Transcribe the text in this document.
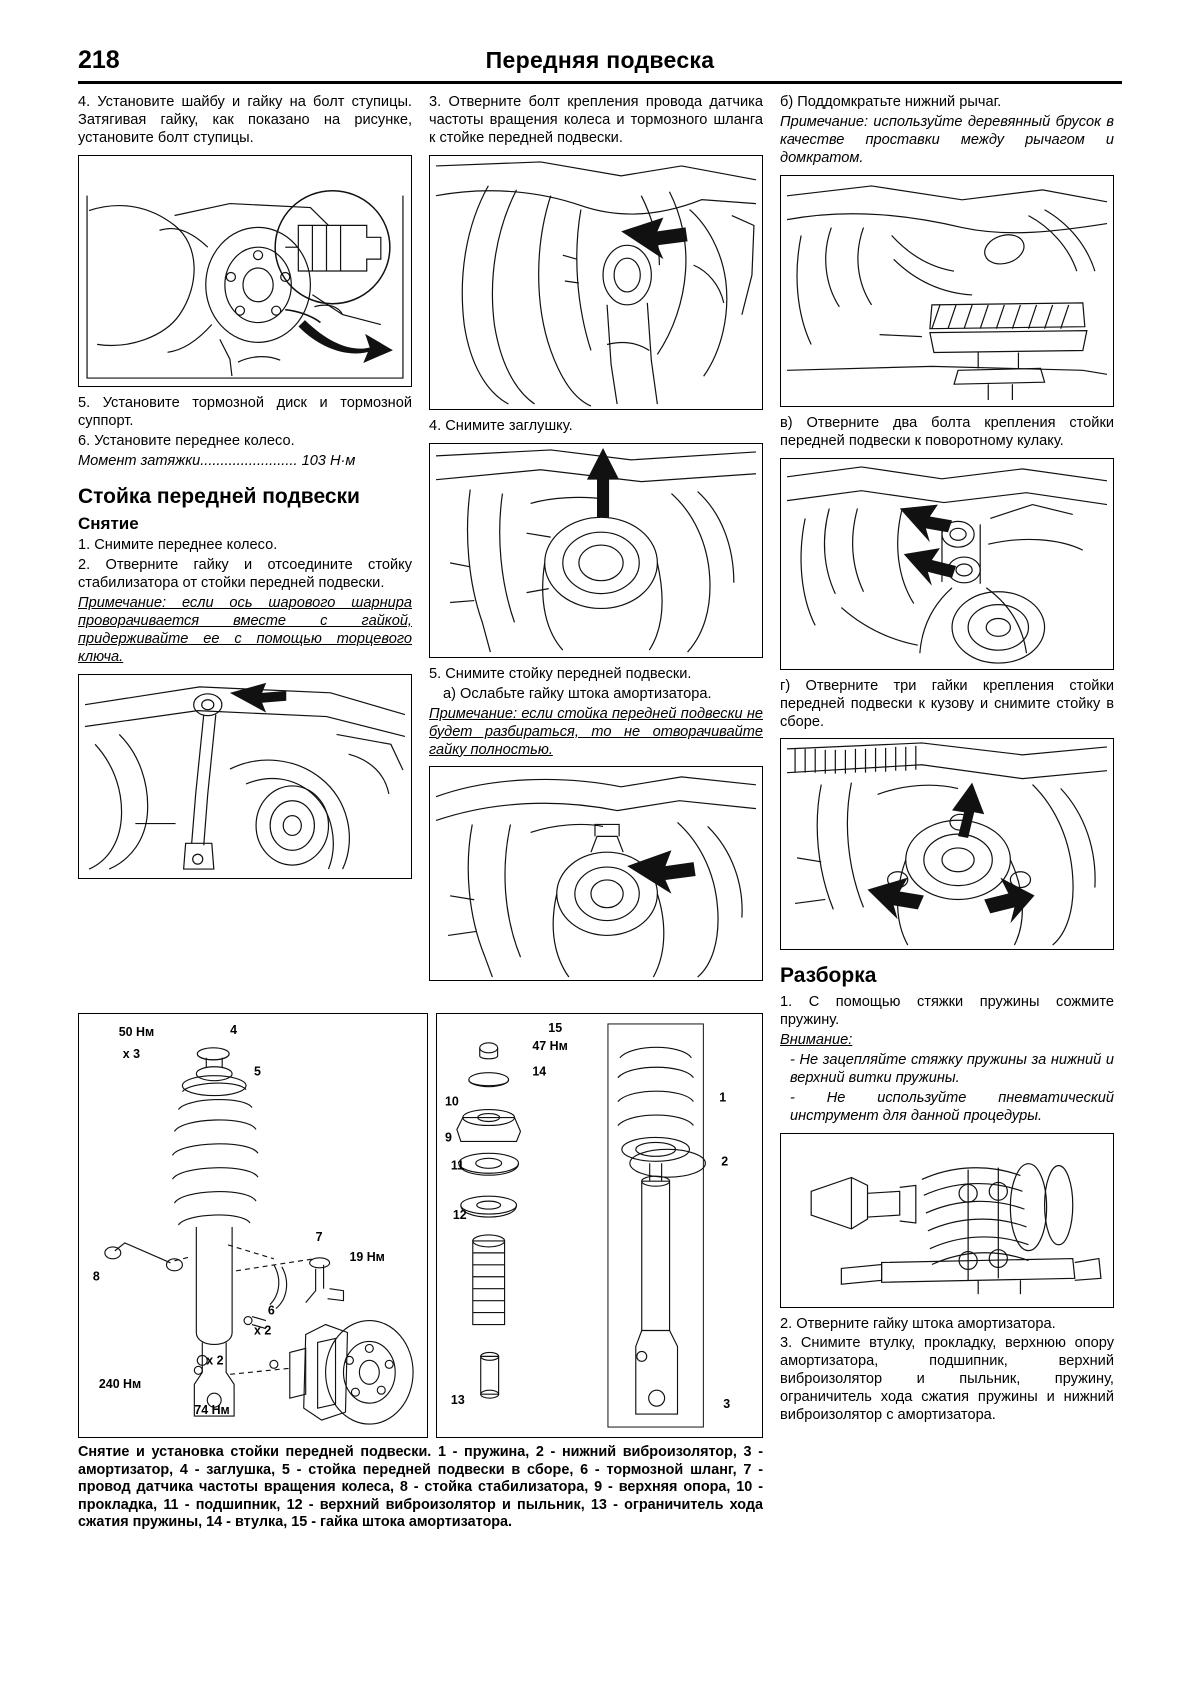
218	Передняя подвеска

4. Установите шайбу и гайку на болт ступицы. Затягивая гайку, как показано на рисунке, установите болт ступицы.

5. Установите тормозной диск и тормозной суппорт.

6. Установите переднее колесо.

Момент затяжки........................ 103 Н·м

Стойка передней подвески
Снятие

1. Снимите переднее колесо.

2. Отверните гайку и отсоедините стойку стабилизатора от стойки передней подвески.

Примечание: если ось шарового шарнира проворачивается вместе с гайкой, придерживайте ее с помощью торцевого ключа.

3. Отверните болт крепления провода датчика частоты вращения колеса и тормозного шланга к стойке передней подвески.

4. Снимите заглушку.

5. Снимите стойку передней подвески.

а) Ослабьте гайку штока амортизатора.

Примечание: если стойка передней подвески не будет разбираться, то не отворачивайте гайку полностью.

б) Поддомкратьте нижний рычаг.

Примечание: используйте деревянный брусок в качестве проставки между рычагом и домкратом.

в) Отверните два болта крепления стойки передней подвески к поворотному кулаку.

г) Отверните три гайки крепления стойки передней подвески к кузову и снимите стойку в сборе.

Разборка

1. С помощью стяжки пружины сожмите пружину.

Внимание:

- Не зацепляйте стяжку пружины за нижний и верхний витки пружины.

- Не используйте пневматический инструмент для данной процедуры.

2. Отверните гайку штока амортизатора.

3. Снимите втулку, прокладку, верхнюю опору амортизатора, подшипник, верхний виброизолятор и пыльник, пружину, ограничитель хода сжатия пружины и нижний виброизолятор с амортизатора.

50 Нм
х 3
4
5
7
19 Нм
8
6
х 2
х 2
240 Нм
74 Нм
15
47 Нм
14
10
9
11
12
13
1
2
3
Снятие и установка стойки передней подвески. 1 - пружина, 2 - нижний виброизолятор, 3 - амортизатор, 4 - заглушка, 5 - стойка передней подвески в сборе, 6 - тормозной шланг, 7 - провод датчика частоты вращения колеса, 8 - стойка стабилизатора, 9 - верхняя опора, 10 - прокладка, 11 - подшипник, 12 - верхний виброизолятор и пыльник, 13 - ограничитель хода сжатия пружины, 14 - втулка, 15 - гайка штока амортизатора.
